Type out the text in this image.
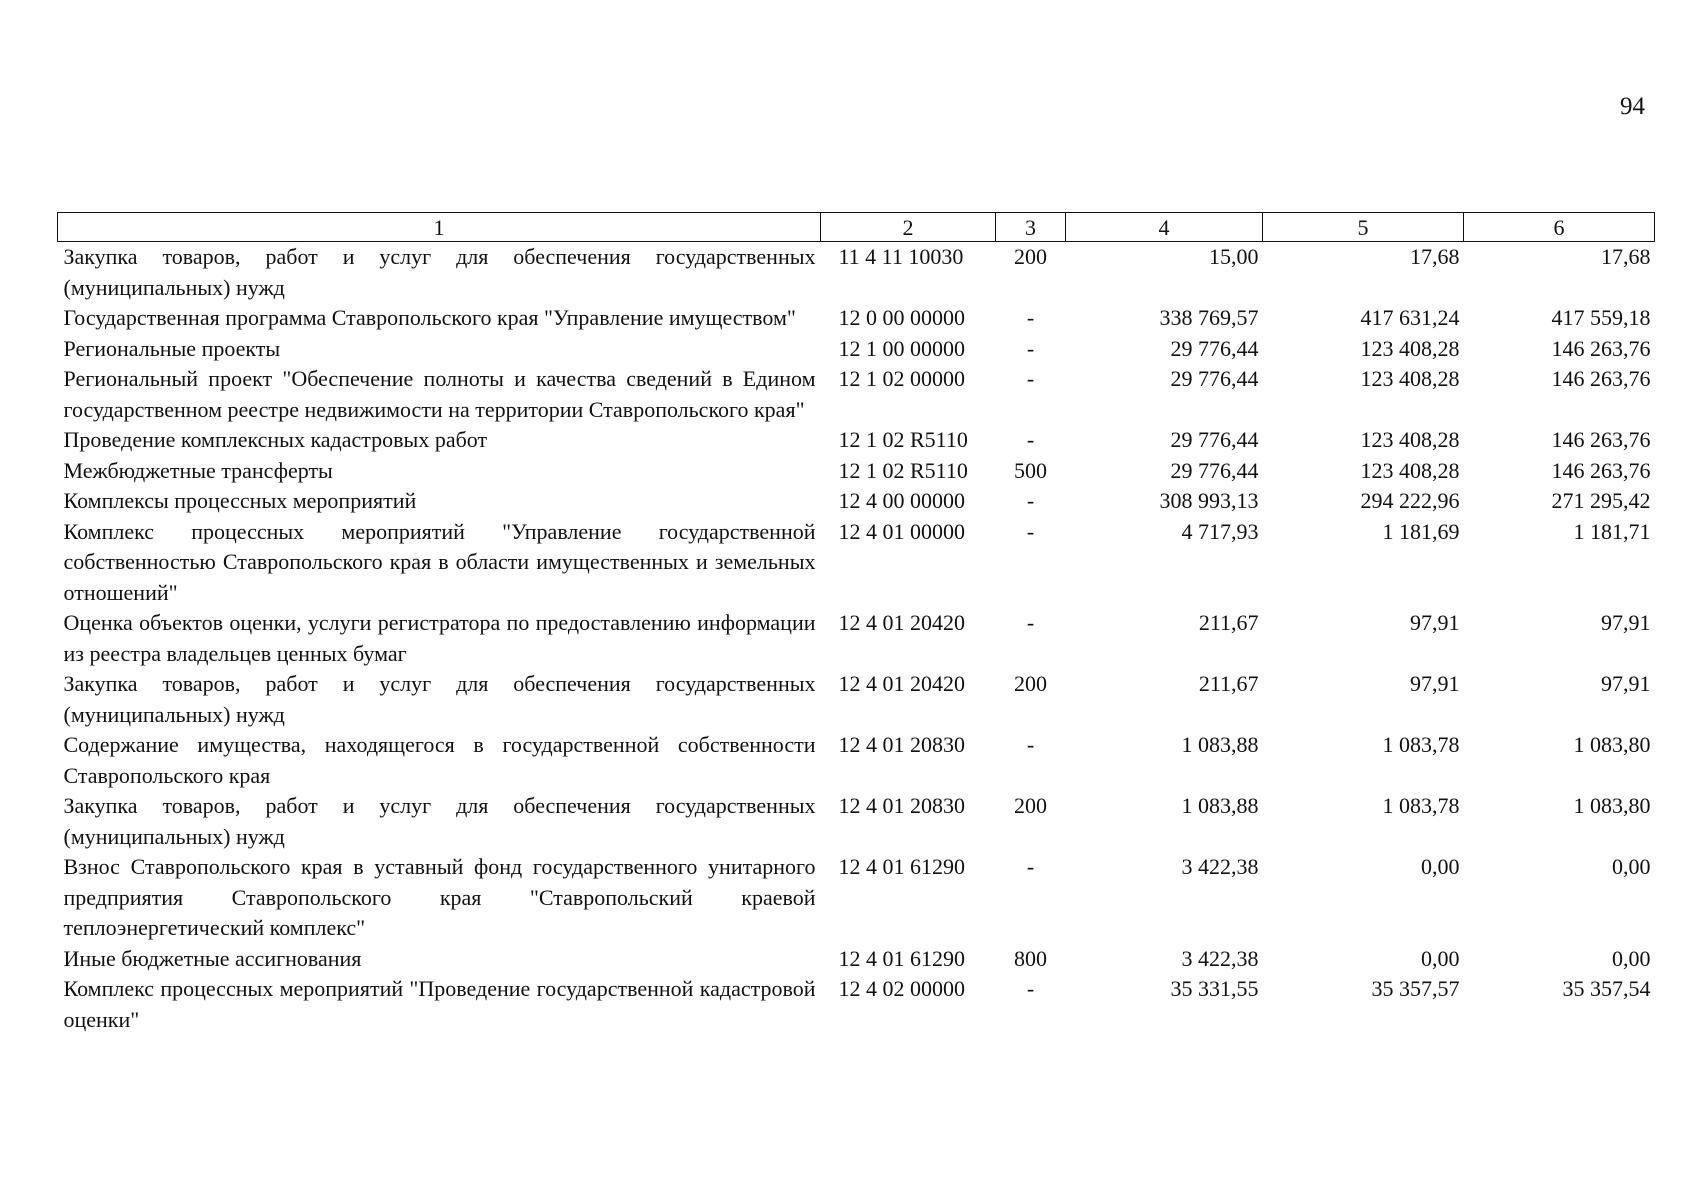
94
1	2	3	4	5	6
Закупка товаров, работ и услуг для обеспечения государственных (муниципальных) нужд	11 4 11 10030	200	15,00	17,68	17,68
Государственная программа Ставропольского края "Управление имуществом"	12 0 00 00000	-	338 769,57	417 631,24	417 559,18
Региональные проекты	12 1 00 00000	-	29 776,44	123 408,28	146 263,76
Региональный проект "Обеспечение полноты и качества сведений в Едином государственном реестре недвижимости на территории Ставропольского края"	12 1 02 00000	-	29 776,44	123 408,28	146 263,76
Проведение комплексных кадастровых работ	12 1 02 R5110	-	29 776,44	123 408,28	146 263,76
Межбюджетные трансферты	12 1 02 R5110	500	29 776,44	123 408,28	146 263,76
Комплексы процессных мероприятий	12 4 00 00000	-	308 993,13	294 222,96	271 295,42
Комплекс процессных мероприятий "Управление государственной собственностью Ставропольского края в области имущественных и земельных отношений"	12 4 01 00000	-	4 717,93	1 181,69	1 181,71
Оценка объектов оценки, услуги регистратора по предоставлению информации из реестра владельцев ценных бумаг	12 4 01 20420	-	211,67	97,91	97,91
Закупка товаров, работ и услуг для обеспечения государственных (муниципальных) нужд	12 4 01 20420	200	211,67	97,91	97,91
Содержание имущества, находящегося в государственной собственности Ставропольского края	12 4 01 20830	-	1 083,88	1 083,78	1 083,80
Закупка товаров, работ и услуг для обеспечения государственных (муниципальных) нужд	12 4 01 20830	200	1 083,88	1 083,78	1 083,80
Взнос Ставропольского края в уставный фонд государственного унитарного предприятия Ставропольского края "Ставропольский краевой теплоэнергетический комплекс"	12 4 01 61290	-	3 422,38	0,00	0,00
Иные бюджетные ассигнования	12 4 01 61290	800	3 422,38	0,00	0,00
Комплекс процессных мероприятий "Проведение государственной кадастровой оценки"	12 4 02 00000	-	35 331,55	35 357,57	35 357,54
